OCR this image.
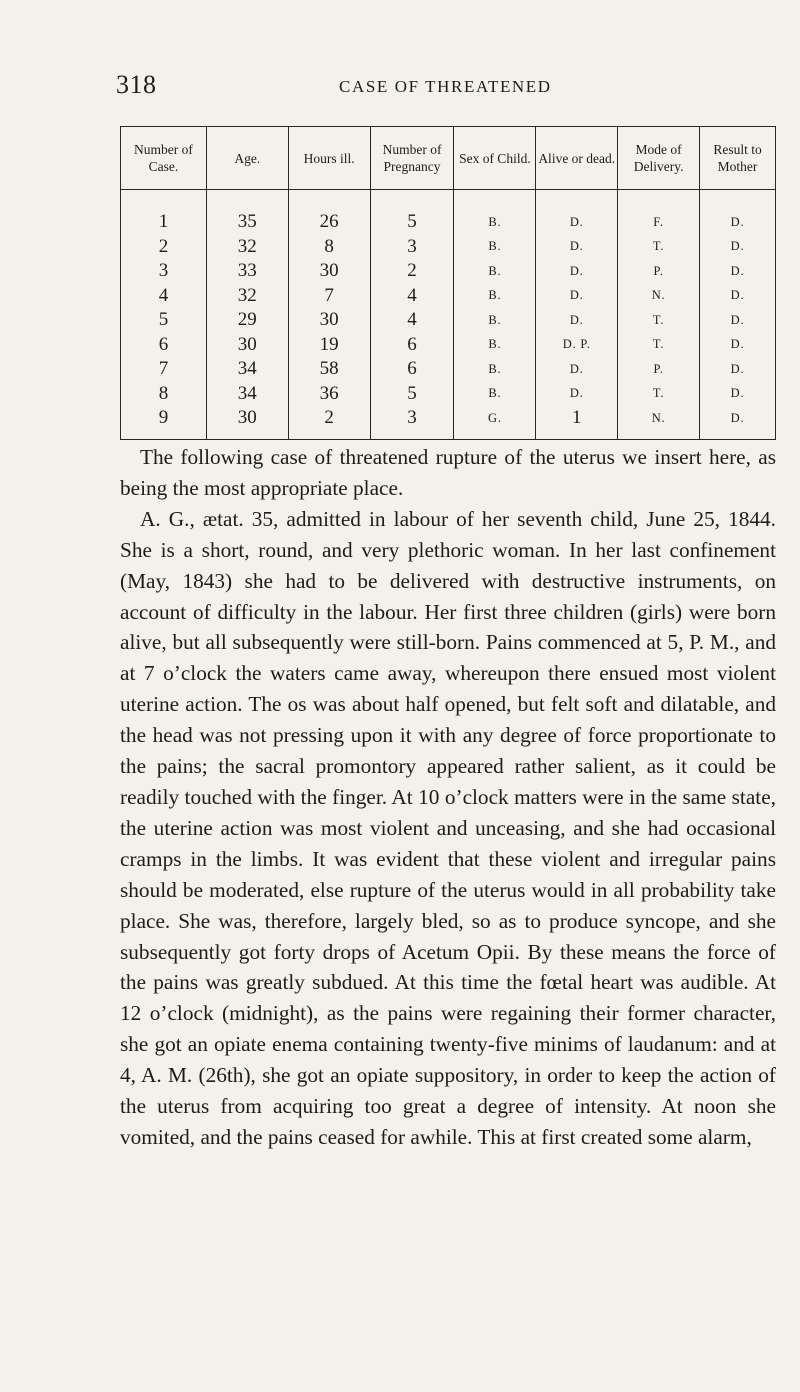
318	CASE OF THREATENED
Number of Case.	Age.	Hours ill.	Number of Pregnancy	Sex of Child.	Alive or dead.	Mode of Delivery.	Result to Mother
1	35	26	5	B.	D.	F.	D.
2	32	8	3	B.	D.	T.	D.
3	33	30	2	B.	D.	P.	D.
4	32	7	4	B.	D.	N.	D.
5	29	30	4	B.	D.	T.	D.
6	30	19	6	B.	D. P.	T.	D.
7	34	58	6	B.	D.	P.	D.
8	34	36	5	B.	D.	T.	D.
9	30	2	3	G.	1	N.	D.

The following case of threatened rupture of the uterus we insert here, as being the most appropriate place.

A. G., ætat. 35, admitted in labour of her seventh child, June 25, 1844. She is a short, round, and very plethoric woman. In her last confinement (May, 1843) she had to be delivered with destructive instruments, on account of difficulty in the labour. Her first three children (girls) were born alive, but all subsequently were still-born. Pains commenced at 5, P. M., and at 7 o’clock the waters came away, whereupon there ensued most violent uterine action. The os was about half opened, but felt soft and dilatable, and the head was not pressing upon it with any degree of force proportionate to the pains; the sacral promontory appeared rather salient, as it could be readily touched with the finger. At 10 o’clock matters were in the same state, the uterine action was most violent and unceasing, and she had occasional cramps in the limbs. It was evident that these violent and irregular pains should be moderated, else rupture of the uterus would in all probability take place. She was, therefore, largely bled, so as to produce syncope, and she subsequently got forty drops of Acetum Opii. By these means the force of the pains was greatly subdued. At this time the fœtal heart was audible. At 12 o’clock (midnight), as the pains were regaining their former character, she got an opiate enema containing twenty-five minims of laudanum: and at 4, A. M. (26th), she got an opiate suppository, in order to keep the action of the uterus from acquiring too great a degree of intensity. At noon she vomited, and the pains ceased for awhile. This at first created some alarm,
